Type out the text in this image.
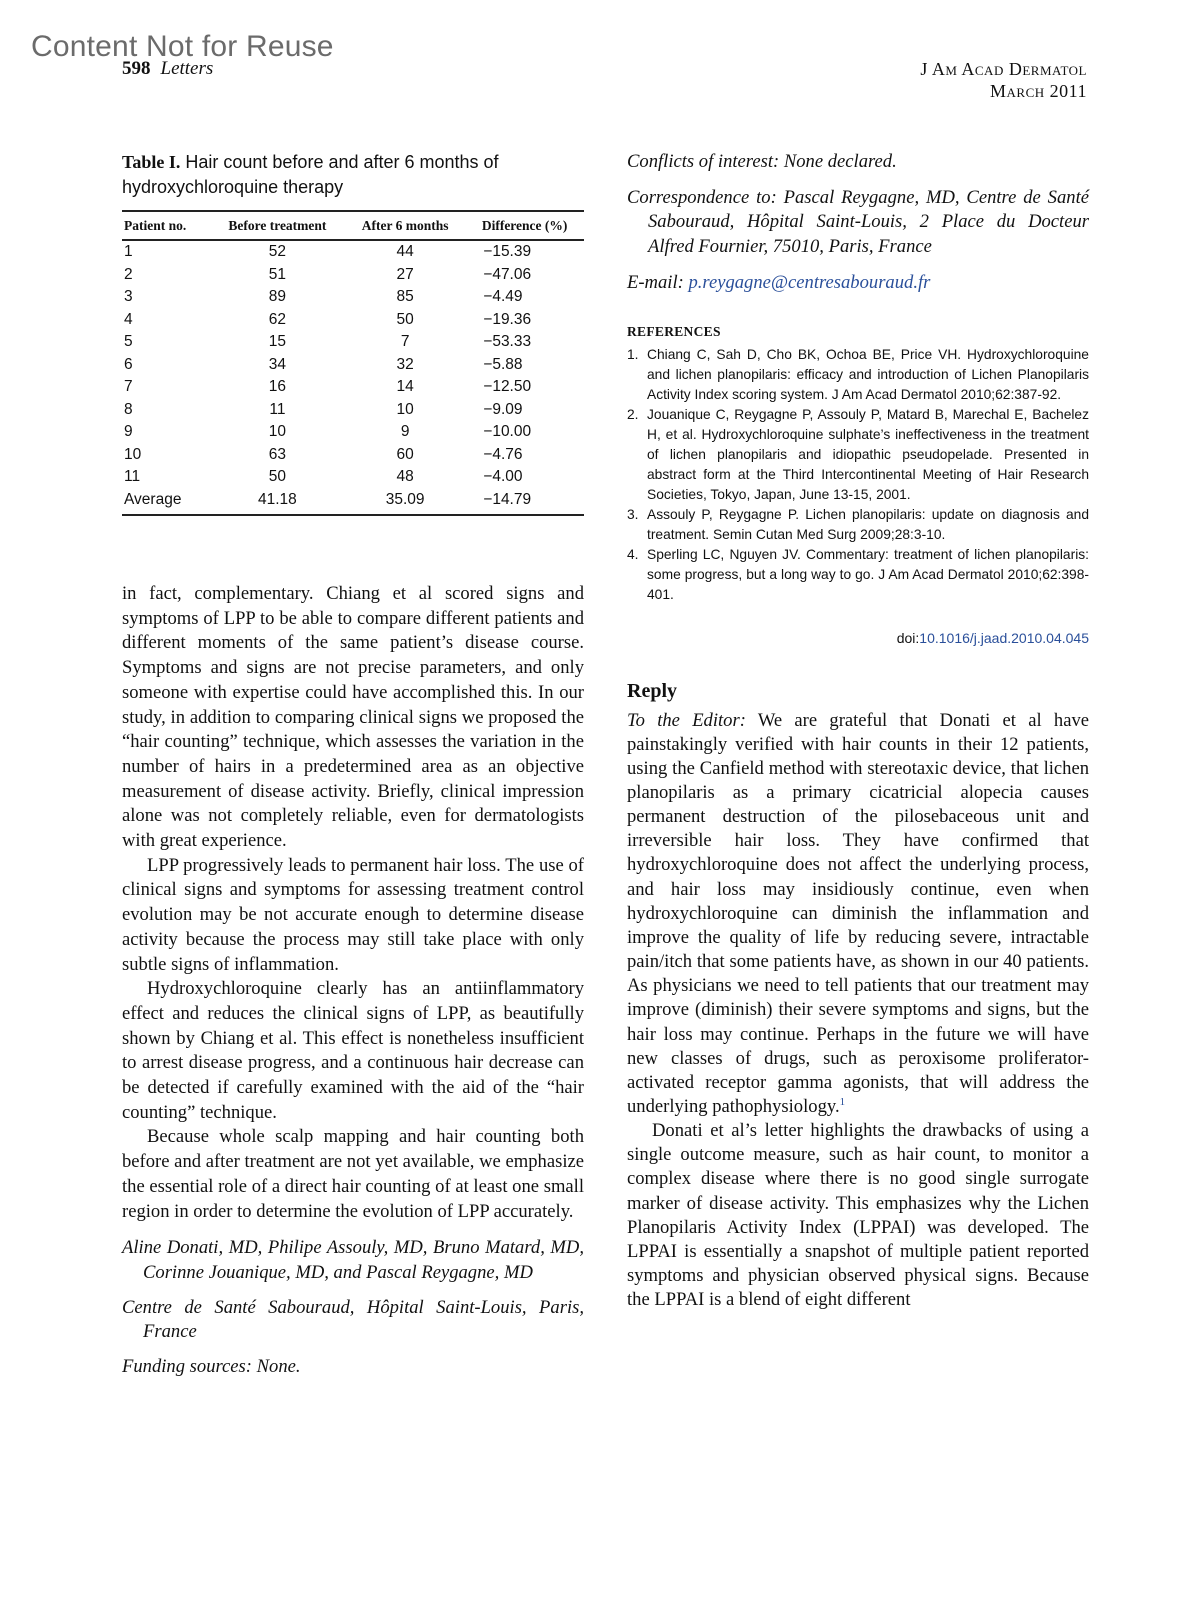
Content Not for Reuse
598 Letters	J Am Acad Dermatol
March 2011
Table I. Hair count before and after 6 months of hydroxychloroquine therapy
Patient no.	Before treatment	After 6 months	Difference (%)
1	52	44	−15.39
2	51	27	−47.06
3	89	85	−4.49
4	62	50	−19.36
5	15	7	−53.33
6	34	32	−5.88
7	16	14	−12.50
8	11	10	−9.09
9	10	9	−10.00
10	63	60	−4.76
11	50	48	−4.00
Average	41.18	35.09	−14.79

in fact, complementary. Chiang et al scored signs and symptoms of LPP to be able to compare different patients and different moments of the same patient’s disease course. Symptoms and signs are not precise parameters, and only someone with expertise could have accomplished this. In our study, in addition to comparing clinical signs we proposed the “hair counting” technique, which assesses the variation in the number of hairs in a predetermined area as an objective measurement of disease activity. Briefly, clinical impression alone was not completely reliable, even for dermatologists with great experience.

LPP progressively leads to permanent hair loss. The use of clinical signs and symptoms for assessing treatment control evolution may be not accurate enough to determine disease activity because the process may still take place with only subtle signs of inflammation.

Hydroxychloroquine clearly has an antiinflammatory effect and reduces the clinical signs of LPP, as beautifully shown by Chiang et al. This effect is nonetheless insufficient to arrest disease progress, and a continuous hair decrease can be detected if carefully examined with the aid of the “hair counting” technique.

Because whole scalp mapping and hair counting both before and after treatment are not yet available, we emphasize the essential role of a direct hair counting of at least one small region in order to determine the evolution of LPP accurately.

Aline Donati, MD, Philipe Assouly, MD, Bruno Matard, MD, Corinne Jouanique, MD, and Pascal Reygagne, MD
Centre de Santé Sabouraud, Hôpital Saint-Louis, Paris, France
Funding sources: None.
Conflicts of interest: None declared.
Correspondence to: Pascal Reygagne, MD, Centre de Santé Sabouraud, Hôpital Saint-Louis, 2 Place du Docteur Alfred Fournier, 75010, Paris, France
E-mail: p.reygagne@centresabouraud.fr
REFERENCES
1. Chiang C, Sah D, Cho BK, Ochoa BE, Price VH. Hydroxychloroquine and lichen planopilaris: efficacy and introduction of Lichen Planopilaris Activity Index scoring system. J Am Acad Dermatol 2010;62:387-92.
2. Jouanique C, Reygagne P, Assouly P, Matard B, Marechal E, Bachelez H, et al. Hydroxychloroquine sulphate’s ineffectiveness in the treatment of lichen planopilaris and idiopathic pseudopelade. Presented in abstract form at the Third Intercontinental Meeting of Hair Research Societies, Tokyo, Japan, June 13-15, 2001.
3. Assouly P, Reygagne P. Lichen planopilaris: update on diagnosis and treatment. Semin Cutan Med Surg 2009;28:3-10.
4. Sperling LC, Nguyen JV. Commentary: treatment of lichen planopilaris: some progress, but a long way to go. J Am Acad Dermatol 2010;62:398-401.
doi:10.1016/j.jaad.2010.04.045
Reply

To the Editor: We are grateful that Donati et al have painstakingly verified with hair counts in their 12 patients, using the Canfield method with stereotaxic device, that lichen planopilaris as a primary cicatricial alopecia causes permanent destruction of the pilosebaceous unit and irreversible hair loss. They have confirmed that hydroxychloroquine does not affect the underlying process, and hair loss may insidiously continue, even when hydroxychloroquine can diminish the inflammation and improve the quality of life by reducing severe, intractable pain/itch that some patients have, as shown in our 40 patients. As physicians we need to tell patients that our treatment may improve (diminish) their severe symptoms and signs, but the hair loss may continue. Perhaps in the future we will have new classes of drugs, such as peroxisome proliferator-activated receptor gamma agonists, that will address the underlying pathophysiology.$^1$

Donati et al’s letter highlights the drawbacks of using a single outcome measure, such as hair count, to monitor a complex disease where there is no good single surrogate marker of disease activity. This emphasizes why the Lichen Planopilaris Activity Index (LPPAI) was developed. The LPPAI is essentially a snapshot of multiple patient reported symptoms and physician observed physical signs. Because the LPPAI is a blend of eight different
